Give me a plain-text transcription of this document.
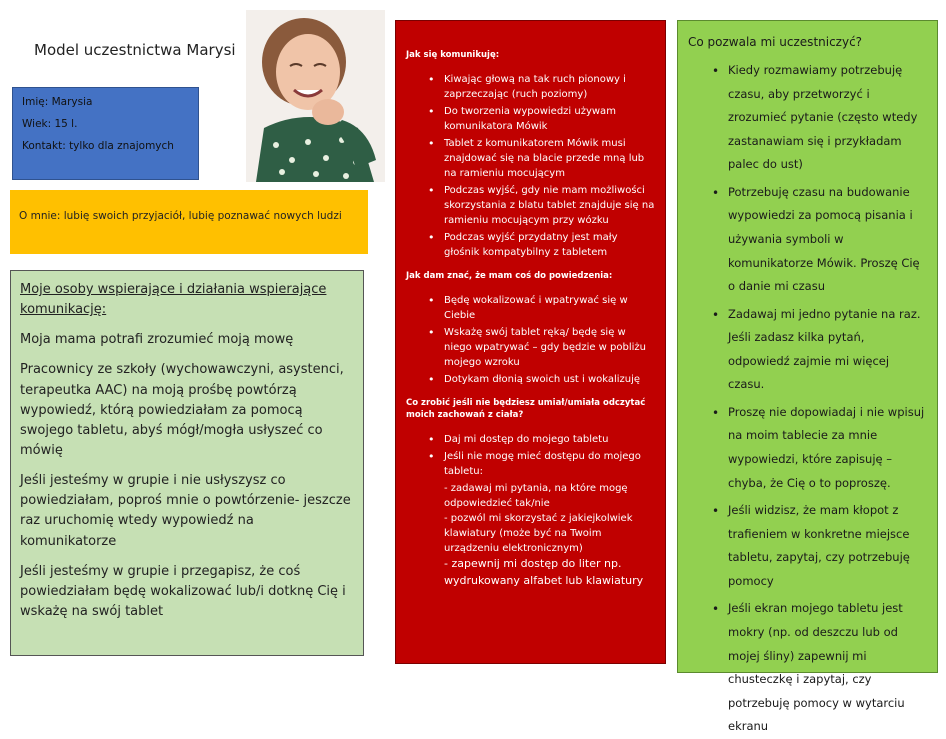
Model uczestnictwa Marysi
Imię: Marysia
Wiek: 15 l.
Kontakt: tylko dla znajomych
O mnie: lubię swoich przyjaciół, lubię poznawać nowych ludzi
Moje osoby wspierające i działania wspierające komunikację:

Moja mama potrafi zrozumieć moją mowę

Pracownicy ze szkoły (wychowawczyni, asystenci, terapeutka AAC) na moją prośbę powtórzą wypowiedź, którą powiedziałam za pomocą swojego tabletu, abyś mógł/mogła usłyszeć co mówię

Jeśli jesteśmy w grupie i nie usłyszysz co powiedziałam, poproś mnie o powtórzenie- jeszcze raz uruchomię wtedy wypowiedź na komunikatorze

Jeśli jesteśmy w grupie i przegapisz, że coś powiedziałam będę wokalizować lub/i dotknę Cię i wskażę na swój tablet

Jak się komunikuję:
• Kiwając głową na tak ruch pionowy i zaprzeczając (ruch poziomy)
• Do tworzenia wypowiedzi używam komunikatora Mówik
• Tablet z komunikatorem Mówik musi znajdować się na blacie przede mną lub na ramieniu mocującym
• Podczas wyjść, gdy nie mam możliwości skorzystania z blatu tablet znajduje się na ramieniu mocującym przy wózku
• Podczas wyjść przydatny jest mały głośnik kompatybilny z tabletem
Jak dam znać, że mam coś do powiedzenia:
• Będę wokalizować i wpatrywać się w Ciebie
• Wskażę swój tablet ręką/ będę się w niego wpatrywać – gdy będzie w pobliżu mojego wzroku
• Dotykam dłonią swoich ust i wokalizuję
Co zrobić jeśli nie będziesz umiał/umiała odczytać moich zachowań z ciała?
• Daj mi dostęp do mojego tabletu
• Jeśli nie mogę mieć dostępu do mojego tabletu:
- zadawaj mi pytania, na które mogę odpowiedzieć tak/nie
- pozwól mi skorzystać z jakiejkolwiek klawiatury (może być na Twoim urządzeniu elektronicznym)
- zapewnij mi dostęp do liter np. wydrukowany alfabet lub klawiatury
Co pozwala mi uczestniczyć?
• Kiedy rozmawiamy potrzebuję czasu, aby przetworzyć i zrozumieć pytanie (często wtedy zastanawiam się i przykładam palec do ust)
• Potrzebuję czasu na budowanie wypowiedzi za pomocą pisania i używania symboli w komunikatorze Mówik. Proszę Cię o danie mi czasu
• Zadawaj mi jedno pytanie na raz. Jeśli zadasz kilka pytań, odpowiedź zajmie mi więcej czasu.
• Proszę nie dopowiadaj i nie wpisuj na moim tablecie za mnie wypowiedzi, które zapisuję –chyba, że Cię o to poproszę.
• Jeśli widzisz, że mam kłopot z trafieniem w konkretne miejsce tabletu, zapytaj, czy potrzebuję pomocy
• Jeśli ekran mojego tabletu jest mokry (np. od deszczu lub od mojej śliny) zapewnij mi chusteczkę i zapytaj, czy potrzebuję pomocy w wytarciu ekranu
